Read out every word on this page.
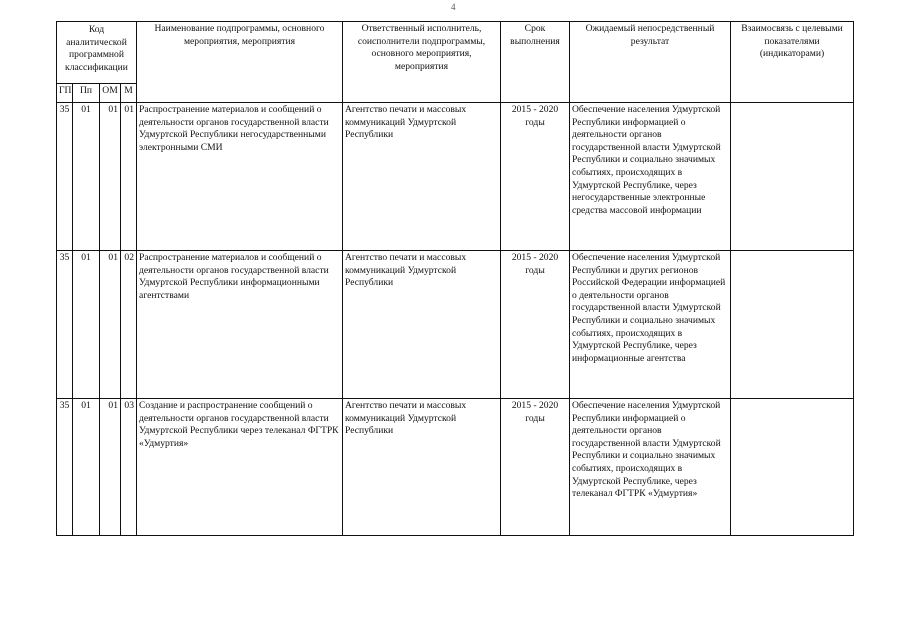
4
Код аналитической программной классификации				Наименование подпрограммы, основного мероприятия, мероприятия	Ответственный исполнитель, соисполнители подпрограммы, основного мероприятия, мероприятия	Срок выполнения	Ожидаемый непосредственный результат	Взаимосвязь с целевыми показателями (индикаторами)
ГП	Пп	ОМ	М					
35	01	01	01	Распространение материалов и сообщений о деятельности органов государственной власти Удмуртской Республики негосударственными электронными СМИ	Агентство печати и массовых коммуникаций Удмуртской Республики	2015 - 2020 годы	Обеспечение населения Удмуртской Республики информацией о деятельности органов государственной власти Удмуртской Республики и социально значимых событиях, происходящих в Удмуртской Республике, через негосударственные электронные средства массовой информации	
35	01	01	02	Распространение материалов и сообщений о деятельности органов государственной власти Удмуртской Республики информационными агентствами	Агентство печати и массовых коммуникаций Удмуртской Республики	2015 - 2020 годы	Обеспечение населения Удмуртской Республики и других регионов Российской Федерации информацией о деятельности органов государственной власти Удмуртской Республики и социально значимых событиях, происходящих в Удмуртской Республике, через информационные агентства	
35	01	01	03	Создание и распространение сообщений о деятельности органов государственной власти Удмуртской Республики через телеканал ФГТРК «Удмуртия»	Агентство печати и массовых коммуникаций Удмуртской Республики	2015 - 2020 годы	Обеспечение населения Удмуртской Республики информацией о деятельности органов государственной власти Удмуртской Республики и социально значимых событиях, происходящих в Удмуртской Республике, через телеканал ФГТРК «Удмуртия»	
